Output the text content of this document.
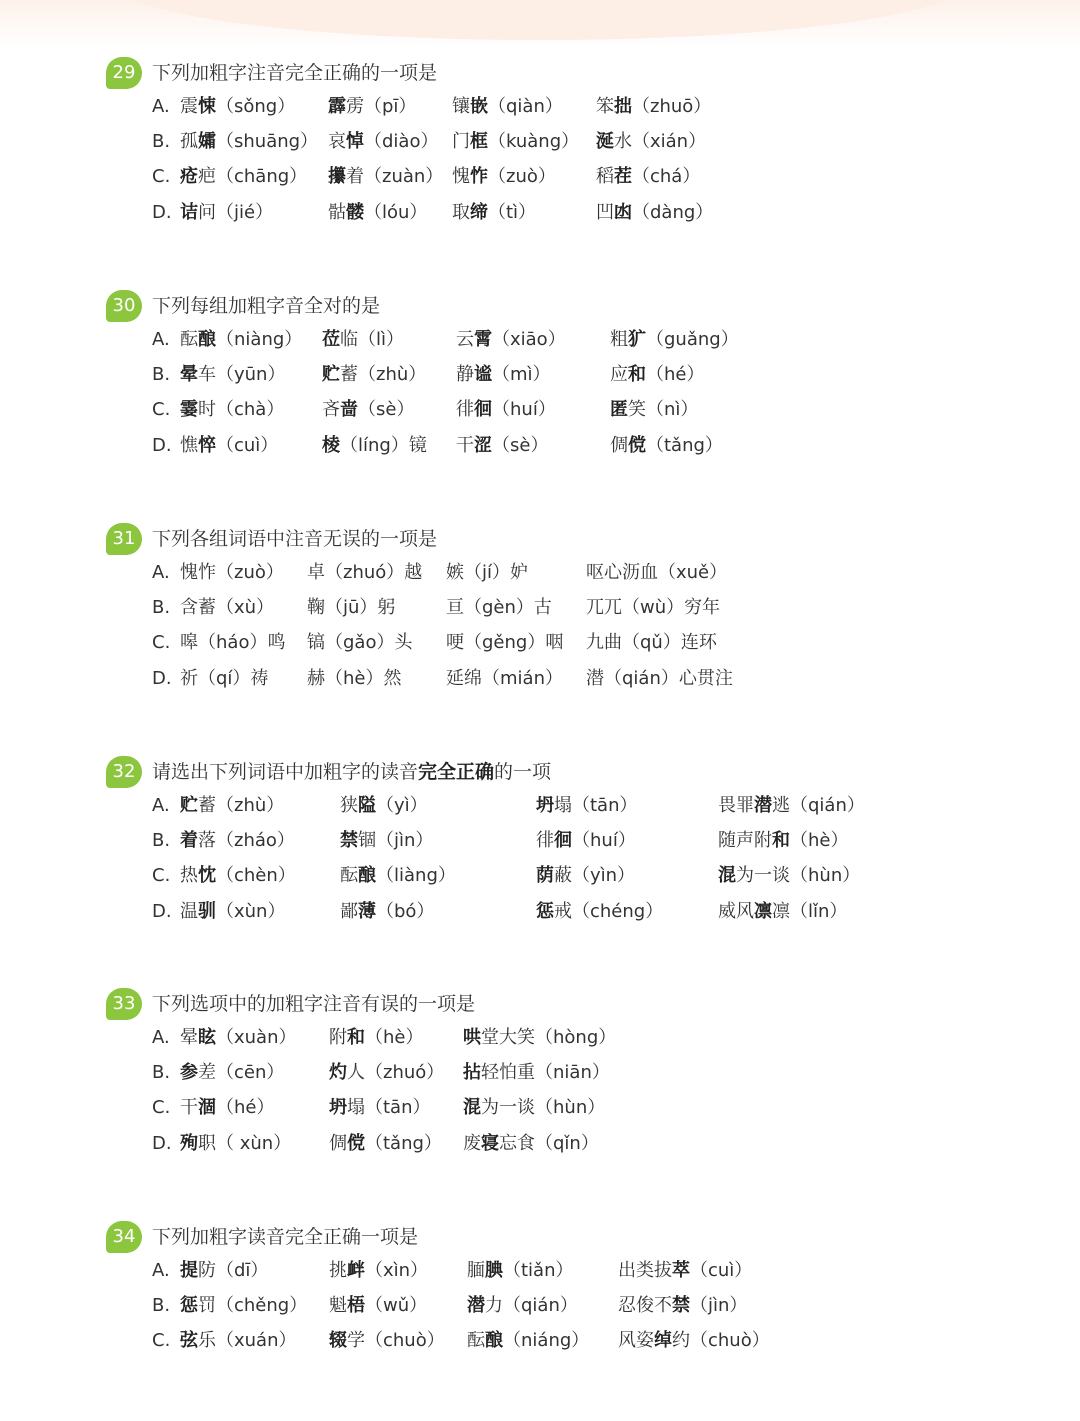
29 下列加粗字注音完全正确的一项是
A. 震悚（sǒng） 霹雳（pī） 镶嵌（qiàn） 笨拙（zhuō）
B. 孤孀（shuāng） 哀悼（diào） 门框（kuàng） 涎水（xián）
C. 疮疤（chāng） 攥着（zuàn） 愧怍（zuò） 稻茬（chá）
D. 诘问（jié）	骷髅（lóu） 取缔（tì）	凹凼（dàng）
30 下列每组加粗字音全对的是
A. 酝酿（niàng） 莅临（lì）	云霄（xiāo） 粗犷（guǎng）
B. 晕车（yūn） 贮蓄（zhù） 静谧（mì）	应和（hé）
C. 霎时（chà） 吝啬（sè） 徘徊（huí）	匿笑（nì）
D. 憔悴（cuì） 棱（líng）镜 干涩（sè）	倜傥（tǎng）
31 下列各组词语中注音无误的一项是
A. 愧怍（zuò） 卓（zhuó）越 嫉（jí）妒	呕心沥血（xuě）
B. 含蓄（xù） 鞠（jū）躬	亘（gèn）古 兀兀（wù）穷年
C. 嗥（háo）鸣 镐（gǎo）头 哽（gěng）咽 九曲（qǔ）连环
D. 祈（qí）祷 赫（hè）然 延绵（mián） 潜（qián）心贯注
32 请选出下列词语中加粗字的读音完全正确的一项
A. 贮蓄（zhù）	狭隘（yì）	坍塌（tān）	畏罪潜逃（qián）
B. 着落（zháo）	禁锢（jìn）	徘徊（huí）	随声附和（hè）
C. 热忱（chèn） 酝酿（liàng）	荫蔽（yìn）	混为一谈（hùn）
D. 温驯（xùn）	鄙薄（bó）	惩戒（chéng）	威风凛凛（lǐn）
33 下列选项中的加粗字注音有误的一项是
A. 晕眩（xuàn） 附和（hè） 哄堂大笑（hòng）
B. 参差（cēn） 灼人（zhuó） 拈轻怕重（niān）
C. 干涸（hé）	坍塌（tān） 混为一谈（hùn）
D. 殉职（ xùn） 倜傥（tǎng） 废寝忘食（qǐn）
34 下列加粗字读音完全正确一项是
A. 提防（dī）	挑衅（xìn） 腼腆（tiǎn） 出类拔萃（cuì）
B. 惩罚（chěng） 魁梧（wǔ） 潜力（qián） 忍俊不禁（jìn）
C. 弦乐（xuán） 辍学（chuò） 酝酿（niáng） 风姿绰约（chuò）
